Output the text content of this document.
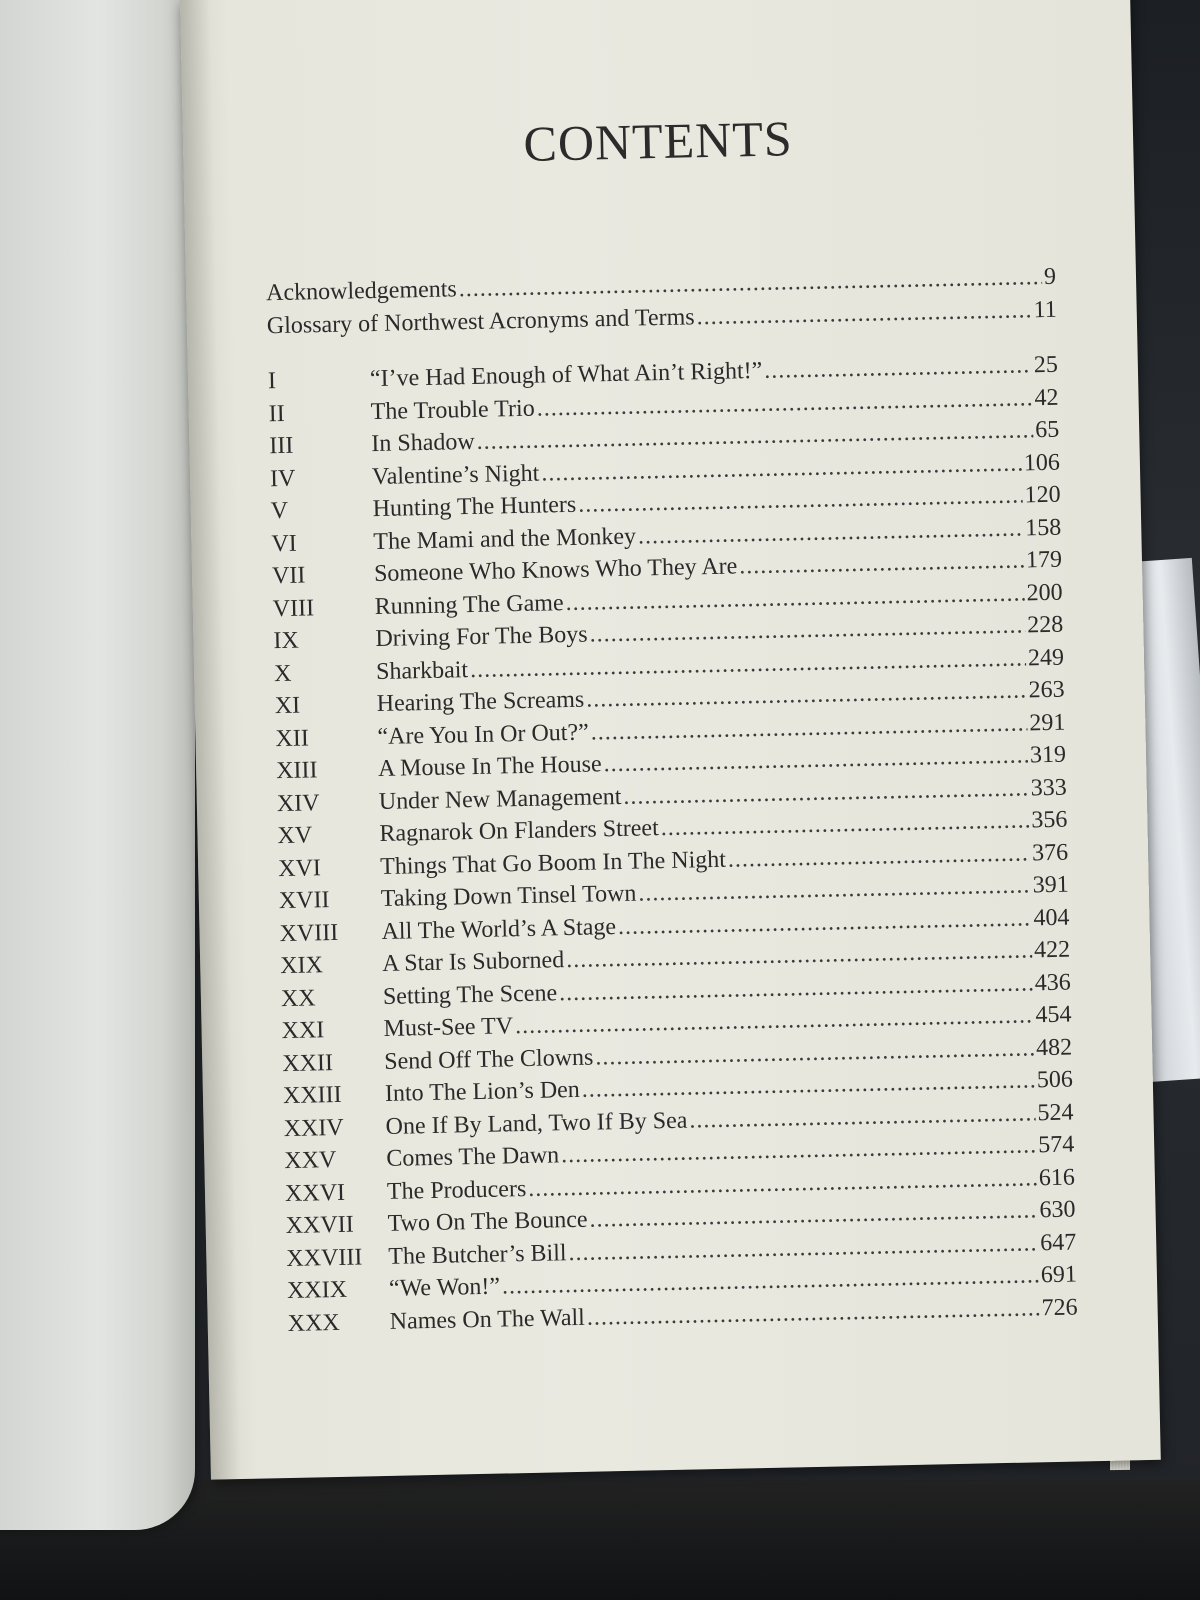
CONTENTS
Acknowledgements .....	9
Glossary of Northwest Acronyms and Terms .....	11
I	“I’ve Had Enough of What Ain’t Right!” .....	25
II	The Trouble Trio .....	42
III	In Shadow .....	65
IV	Valentine’s Night .....	106
V	Hunting The Hunters .....	120
VI	The Mami and the Monkey .....	158
VII	Someone Who Knows Who They Are .....	179
VIII	Running The Game .....	200
IX	Driving For The Boys .....	228
X	Sharkbait .....	249
XI	Hearing The Screams .....	263
XII	“Are You In Or Out?” .....	291
XIII	A Mouse In The House .....	319
XIV	Under New Management .....	333
XV	Ragnarok On Flanders Street .....	356
XVI	Things That Go Boom In The Night .....	376
XVII	Taking Down Tinsel Town .....	391
XVIII	All The World’s A Stage .....	404
XIX	A Star Is Suborned .....	422
XX	Setting The Scene .....	436
XXI	Must-See TV .....	454
XXII	Send Off The Clowns .....	482
XXIII	Into The Lion’s Den .....	506
XXIV	One If By Land, Two If By Sea .....	524
XXV	Comes The Dawn .....	574
XXVI	The Producers .....	616
XXVII	Two On The Bounce .....	630
XXVIII	The Butcher’s Bill .....	647
XXIX	“We Won!” .....	691
XXX	Names On The Wall .....	726
